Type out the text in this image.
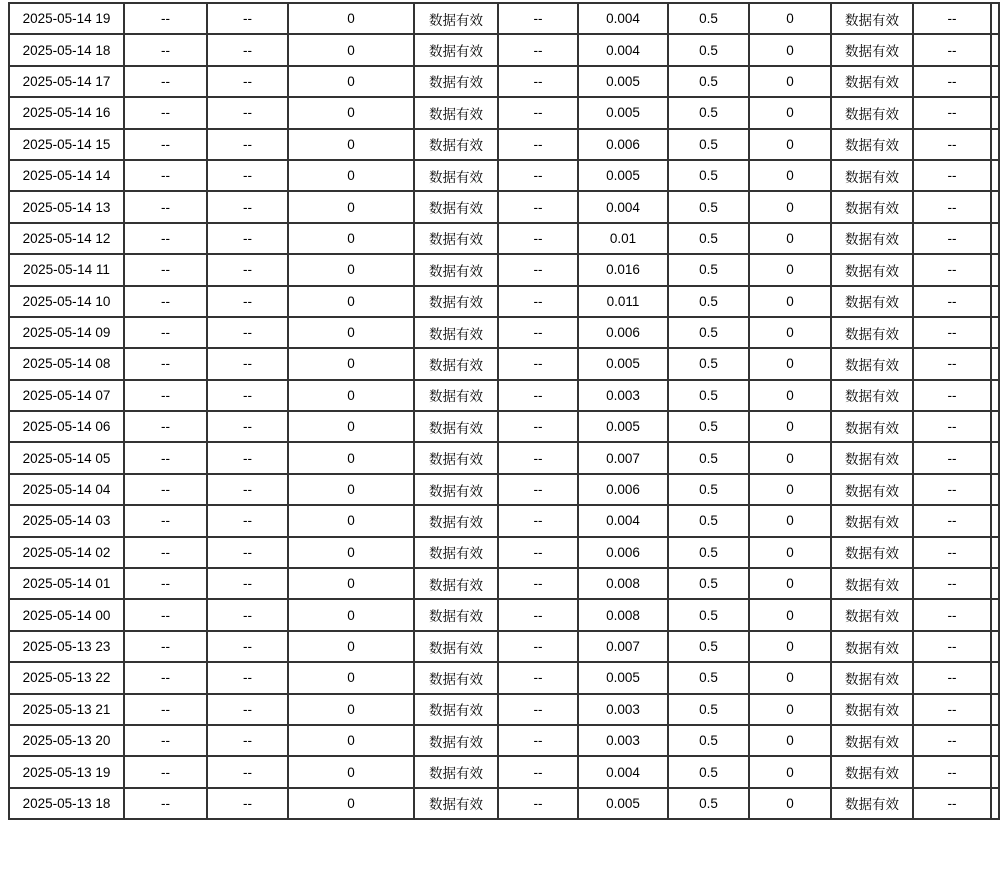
2025-05-14 19	--	--	0	数据有效	--	0.004	0.5	0	数据有效	--	
2025-05-14 18	--	--	0	数据有效	--	0.004	0.5	0	数据有效	--	
2025-05-14 17	--	--	0	数据有效	--	0.005	0.5	0	数据有效	--	
2025-05-14 16	--	--	0	数据有效	--	0.005	0.5	0	数据有效	--	
2025-05-14 15	--	--	0	数据有效	--	0.006	0.5	0	数据有效	--	
2025-05-14 14	--	--	0	数据有效	--	0.005	0.5	0	数据有效	--	
2025-05-14 13	--	--	0	数据有效	--	0.004	0.5	0	数据有效	--	
2025-05-14 12	--	--	0	数据有效	--	0.01	0.5	0	数据有效	--	
2025-05-14 11	--	--	0	数据有效	--	0.016	0.5	0	数据有效	--	
2025-05-14 10	--	--	0	数据有效	--	0.011	0.5	0	数据有效	--	
2025-05-14 09	--	--	0	数据有效	--	0.006	0.5	0	数据有效	--	
2025-05-14 08	--	--	0	数据有效	--	0.005	0.5	0	数据有效	--	
2025-05-14 07	--	--	0	数据有效	--	0.003	0.5	0	数据有效	--	
2025-05-14 06	--	--	0	数据有效	--	0.005	0.5	0	数据有效	--	
2025-05-14 05	--	--	0	数据有效	--	0.007	0.5	0	数据有效	--	
2025-05-14 04	--	--	0	数据有效	--	0.006	0.5	0	数据有效	--	
2025-05-14 03	--	--	0	数据有效	--	0.004	0.5	0	数据有效	--	
2025-05-14 02	--	--	0	数据有效	--	0.006	0.5	0	数据有效	--	
2025-05-14 01	--	--	0	数据有效	--	0.008	0.5	0	数据有效	--	
2025-05-14 00	--	--	0	数据有效	--	0.008	0.5	0	数据有效	--	
2025-05-13 23	--	--	0	数据有效	--	0.007	0.5	0	数据有效	--	
2025-05-13 22	--	--	0	数据有效	--	0.005	0.5	0	数据有效	--	
2025-05-13 21	--	--	0	数据有效	--	0.003	0.5	0	数据有效	--	
2025-05-13 20	--	--	0	数据有效	--	0.003	0.5	0	数据有效	--	
2025-05-13 19	--	--	0	数据有效	--	0.004	0.5	0	数据有效	--	
2025-05-13 18	--	--	0	数据有效	--	0.005	0.5	0	数据有效	--	
